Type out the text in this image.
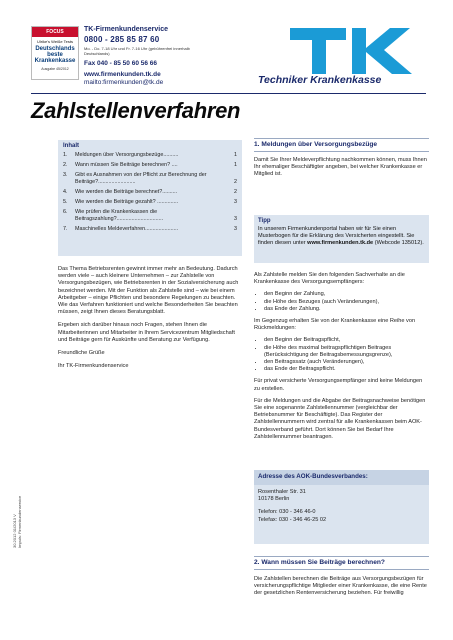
FOCUS
Ulrike's Weiße Tests
Deutschlands beste Krankenkasse
Ausgabe 45/2012
TK-Firmenkundenservice
0800 - 285 85 87 60
Mo. - Do. 7-18 Uhr und Fr. 7-16 Uhr (gebührenfrei innerhalb Deutschlands)
Fax 040 - 85 50 60 56 66
www.firmenkunden.tk.de
mailto:firmenkunden@tk.de	Techniker Krankenkasse
Zahlstellenverfahren
Inhalt
1.	Meldungen über Versorgungsbezüge..........	1
2.	Wann müssen Sie Beiträge berechnen? ....	1
3.	Gibt es Ausnahmen von der Pflicht zur Berechnung der Beiträge?.........................	2
4.	Wie werden die Beiträge berechnet?..........	2
5.	Wie werden die Beiträge gezahlt? ..............	3
6.	Wie prüfen die Krankenkassen die Beitragszahlung?...............................	3
7.	Maschinelles Meldeverfahren......................	3

Das Thema Betriebsrenten gewinnt immer mehr an Bedeutung. Dadurch werden viele – auch kleinere Unternehmen – zur Zahlstelle von Versorgungsbezügen, wie Betriebsrenten in der Sozialversicherung auch bezeichnet werden. Mit der Funktion als Zahlstelle sind – wie bei einem Arbeitgeber – einige Pflichten und besondere Regelungen zu beachten. Wie das Verfahren funktioniert und welche Besonderheiten Sie beachten müssen, zeigt Ihnen dieses Beratungsblatt.

Ergeben sich darüber hinaus noch Fragen, stehen Ihnen die Mitarbeiterinnen und Mitarbeiter in Ihrem Servicezentrum Mitgliedschaft und Beiträge gern für Auskünfte und Beratung zur Verfügung.

Freundliche Grüße

Ihr TK-Firmenkundenservice

1. Meldungen über Versorgungsbezüge
Damit Sie Ihrer Meldeverpflichtung nachkommen können, muss Ihnen Ihr ehemaliger Beschäftigter angeben, bei welcher Krankenkasse er Mitglied ist.
Tipp
In unserem Firmenkundenportal haben wir für Sie einen Musterbogen für die Erklärung des Versicherten eingestellt. Sie finden diesen unter www.firmenkunden.tk.de (Webcode 135012).

Als Zahlstelle melden Sie den folgenden Sachverhalte an die Krankenkasse des Versorgungsempfängers:

• den Beginn der Zahlung,
• die Höhe des Bezuges (auch Veränderungen),
• das Ende der Zahlung.

Im Gegenzug erhalten Sie von der Krankenkasse eine Reihe von Rückmeldungen:

• den Beginn der Beitragspflicht,
• die Höhe des maximal beitragspflichtigen Beitrages (Berücksichtigung der Beitragsbemessungsgrenze),
• den Beitragssatz (auch Veränderungen),
• das Ende der Beitragspflicht.

Für privat versicherte Versorgungsempfänger sind keine Meldungen zu erstellen.

Für die Meldungen und die Abgabe der Beitragsnachweise benötigen Sie eine sogenannte Zahlstellennummer (vergleichbar der Betriebsnummer für Beschäftigte). Das Register der Zahlstellennummern wird zentral für alle Krankenkassen beim AOK-Bundesverband geführt. Dort können Sie bei Bedarf Ihre Zahlstellennummer beantragen.

Adresse des AOK-Bundesverbandes:
Rosenthaler Str. 31
10178 Berlin
Telefon: 030 - 346 46-0
Telefax: 030 - 346 46-25 02
2. Wann müssen Sie Beiträge berechnen?
Die Zahlstellen berechnen die Beiträge aus Versorgungsbezügen für versicherungspflichtige Mitglieder einer Krankenkasse, die eine Rente der gesetzlichen Rentenversicherung beziehen. Für freiwillig
30.2012 01/2013 V Impuls: Firmenkundenservice
